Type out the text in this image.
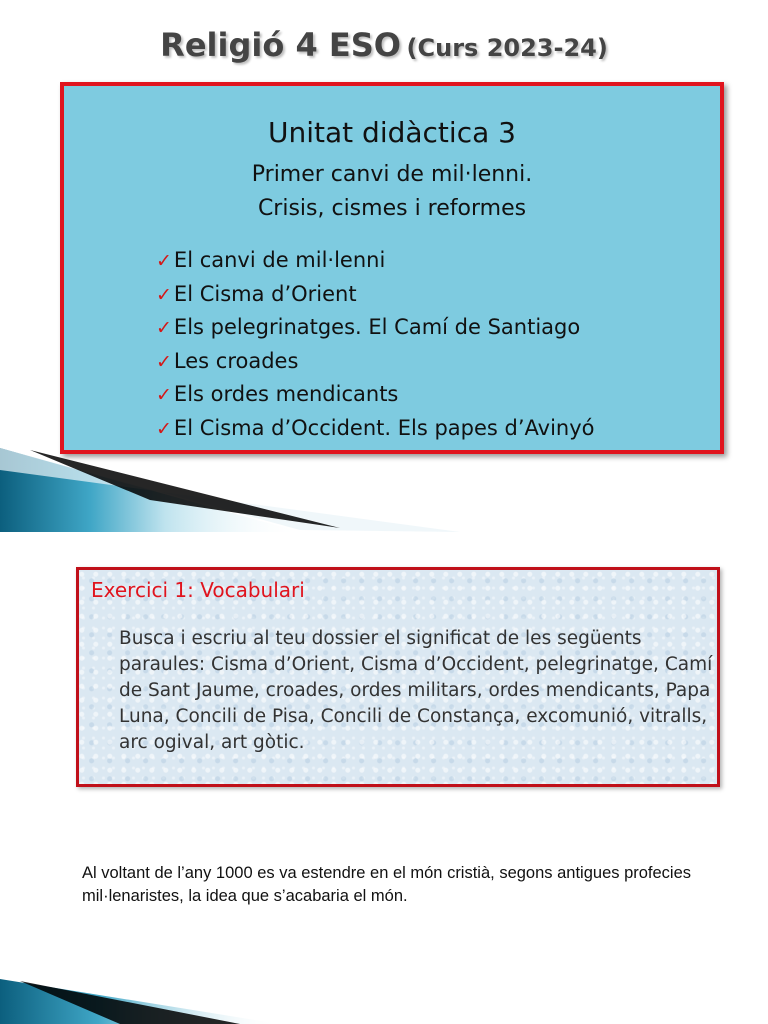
Religió 4 ESO (Curs 2023-24)
Unitat didàctica 3
Primer canvi de mil·lenni.
Crisis, cismes i reformes
✓El canvi de mil·lenni
✓El Cisma d’Orient
✓Els pelegrinatges. El Camí de Santiago
✓Les croades
✓Els ordes mendicants
✓El Cisma d’Occident. Els papes d’Avinyó
Exercici 1: Vocabulari

Busca i escriu al teu dossier el significat de les següents paraules: Cisma d’Orient, Cisma d’Occident, pelegrinatge, Camí de Sant Jaume, croades, ordes militars, ordes mendicants, Papa Luna, Concili de Pisa, Concili de Constança, excomunió, vitralls, arc ogival, art gòtic.

Al voltant de l’any 1000 es va estendre en el món cristià, segons antigues profecies mil·lenaristes, la idea que s’acabaria el món.
